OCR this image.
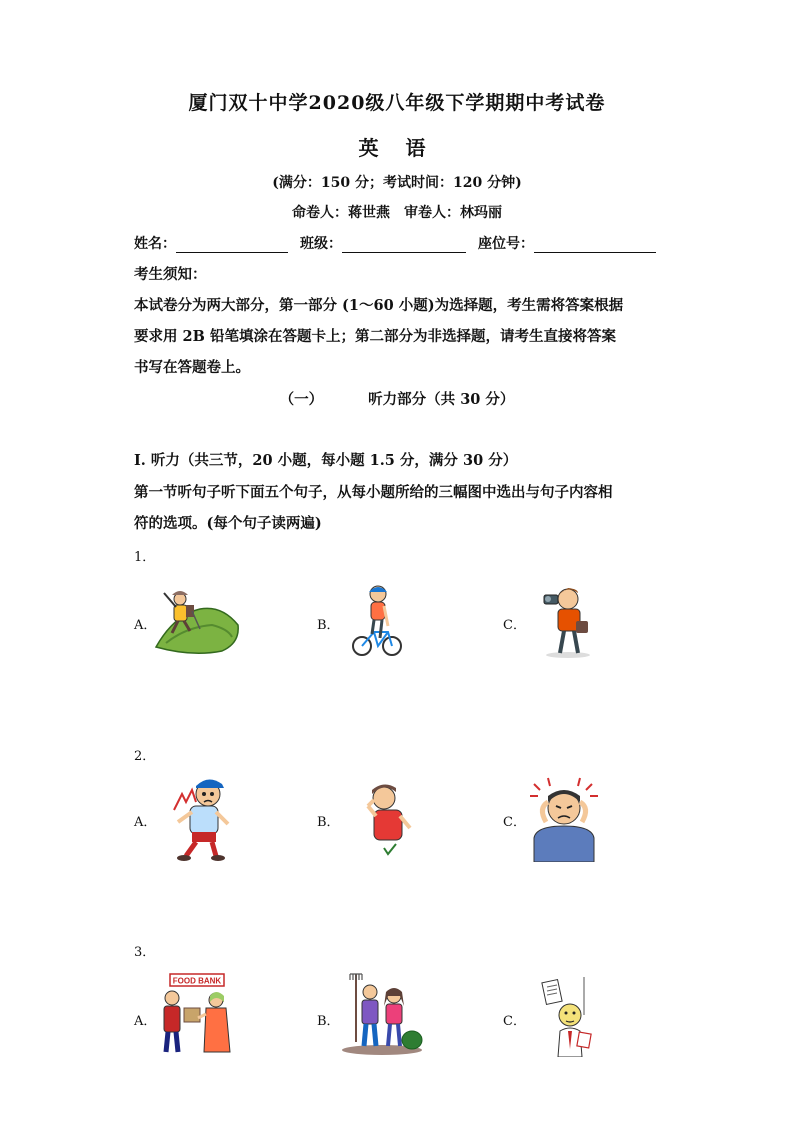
厦门双十中学2020级八年级下学期期中考试卷
英 语
(满分：150 分；考试时间：120 分钟)
命卷人：蒋世燕　审卷人：林玛丽
姓名：	班级：	座位号：
考生须知：
本试卷分为两大部分，第一部分 (1～60 小题)为选择题，考生需将答案根据
要求用 2B 铅笔填涂在答题卡上；第二部分为非选择题，请考生直接将答案
书写在答题卷上。
（一）	听力部分（共 30 分）
I. 听力（共三节，20 小题，每小题 1.5 分，满分 30 分）
第一节听句子听下面五个句子，从每小题所给的三幅图中选出与句子内容相
符的选项。(每个句子读两遍)
1．
A．	B．	C．
2．
A．	B．	C．
3．
A．	B．	C．
FOOD BANK
